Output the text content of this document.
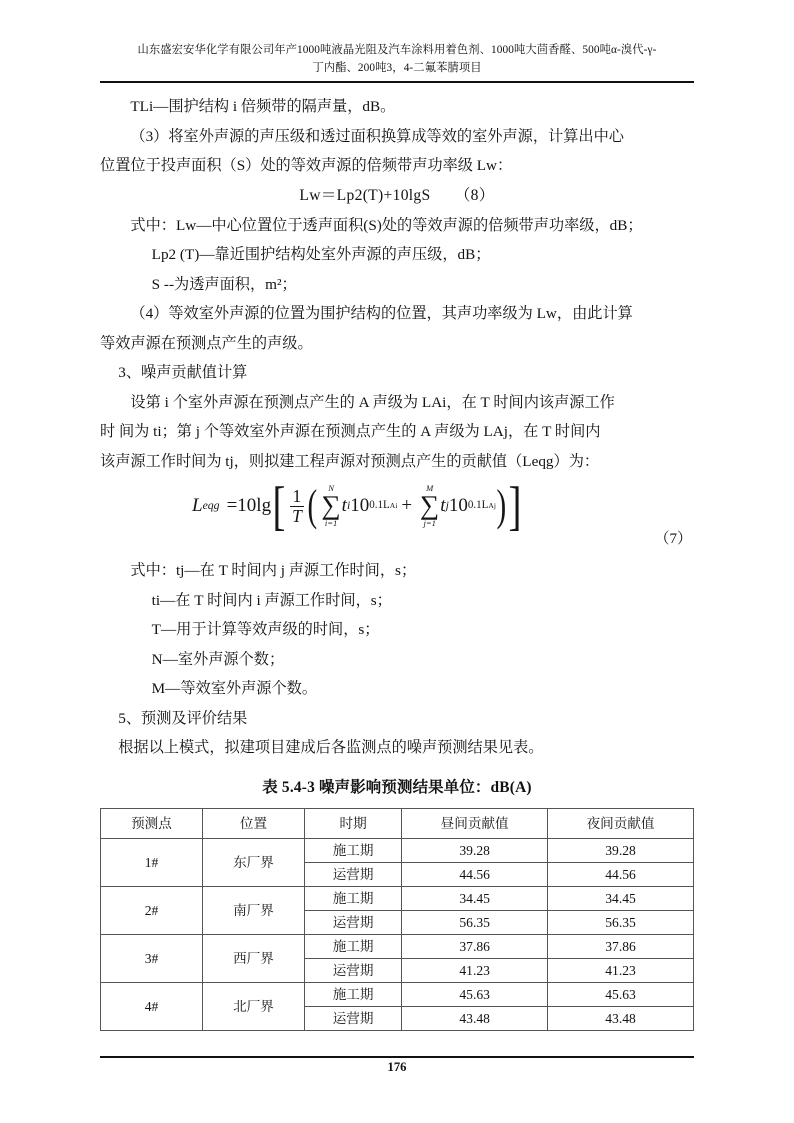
山东盛宏安华化学有限公司年产1000吨液晶光阻及汽车涂料用着色剂、1000吨大茴香醛、500吨α-溴代-γ-
丁内酯、200吨3，4-二氟苯腈项目

TLi—围护结构 i 倍频带的隔声量，dB。

（3）将室外声源的声压级和透过面积换算成等效的室外声源，计算出中心

位置位于投声面积（S）处的等效声源的倍频带声功率级 Lw：

Lw＝Lp2(T)+10lgS （8）

式中：Lw—中心位置位于透声面积(S)处的等效声源的倍频带声功率级，dB；

Lp2 (T)—靠近围护结构处室外声源的声压级，dB；

S --为透声面积，m²；

（4）等效室外声源的位置为围护结构的位置，其声功率级为 Lw，由此计算

等效声源在预测点产生的声级。

3、噪声贡献值计算

设第 i 个室外声源在预测点产生的 A 声级为 LAi，在 T 时间内该声源工作

时 间为 ti；第 j 个等效室外声源在预测点产生的 A 声级为 LAj，在 T 时间内

该声源工作时间为 tj，则拟建工程声源对预测点产生的贡献值（Leqg）为：

L eqg =10lg [ $\frac{1}{T}$ ( N
∑
i=1
t i 10 0.1L Ai +
M
∑
j=1
t j 10 0.1L Aj ) ]
（7）

式中：tj—在 T 时间内 j 声源工作时间，s；

ti—在 T 时间内 i 声源工作时间，s；

T—用于计算等效声级的时间，s；

N—室外声源个数；

M—等效室外声源个数。

5、预测及评价结果

根据以上模式，拟建项目建成后各监测点的噪声预测结果见表。

表 5.4-3 噪声影响预测结果单位：dB(A)
预测点	位置	时期	昼间贡献值	夜间贡献值
1#	东厂界	施工期	39.28	39.28
		运营期	44.56	44.56
2#	南厂界	施工期	34.45	34.45
		运营期	56.35	56.35
3#	西厂界	施工期	37.86	37.86
		运营期	41.23	41.23
4#	北厂界	施工期	45.63	45.63
		运营期	43.48	43.48
176
